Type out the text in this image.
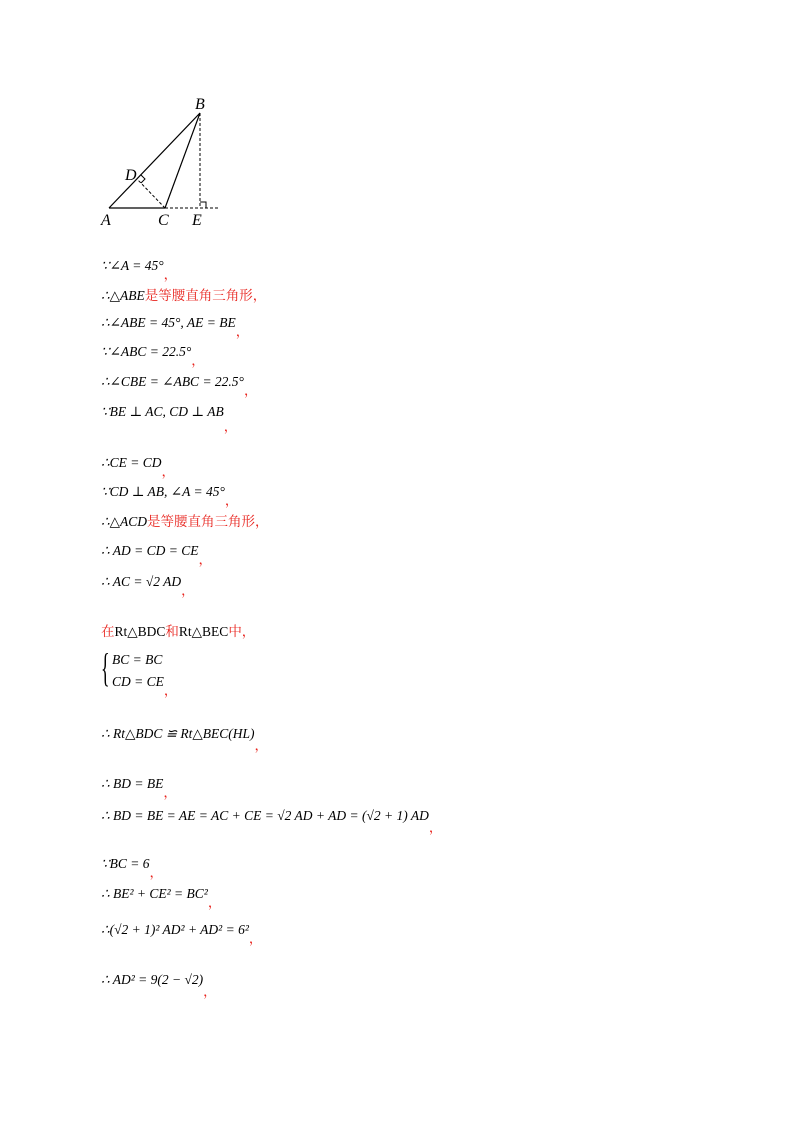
B
D
A	C E
∵∠A = 45°，
∴△ABE是等腰直角三角形，
∴∠ABE = 45°, AE = BE，
∵∠ABC = 22.5°，
∴∠CBE = ∠ABC = 22.5°，
∵BE ⊥ AC, CD ⊥ AB，
∴CE = CD，
∵CD ⊥ AB, ∠A = 45°，
∴△ACD是等腰直角三角形，
∴ AD = CD = CE，
∴ AC = √2 AD，
在Rt△BDC和Rt△BEC中，
{ BC = BC
CD = CE，
∴ Rt△BDC ≌ Rt△BEC(HL)，
∴ BD = BE，
∴ BD = BE = AE = AC + CE = √2 AD + AD = (√2 + 1) AD，
∵BC = 6，
∴ BE² + CE² = BC²，
∴(√2 + 1)² AD² + AD² = 6²，
∴ AD² = 9(2 − √2)，
